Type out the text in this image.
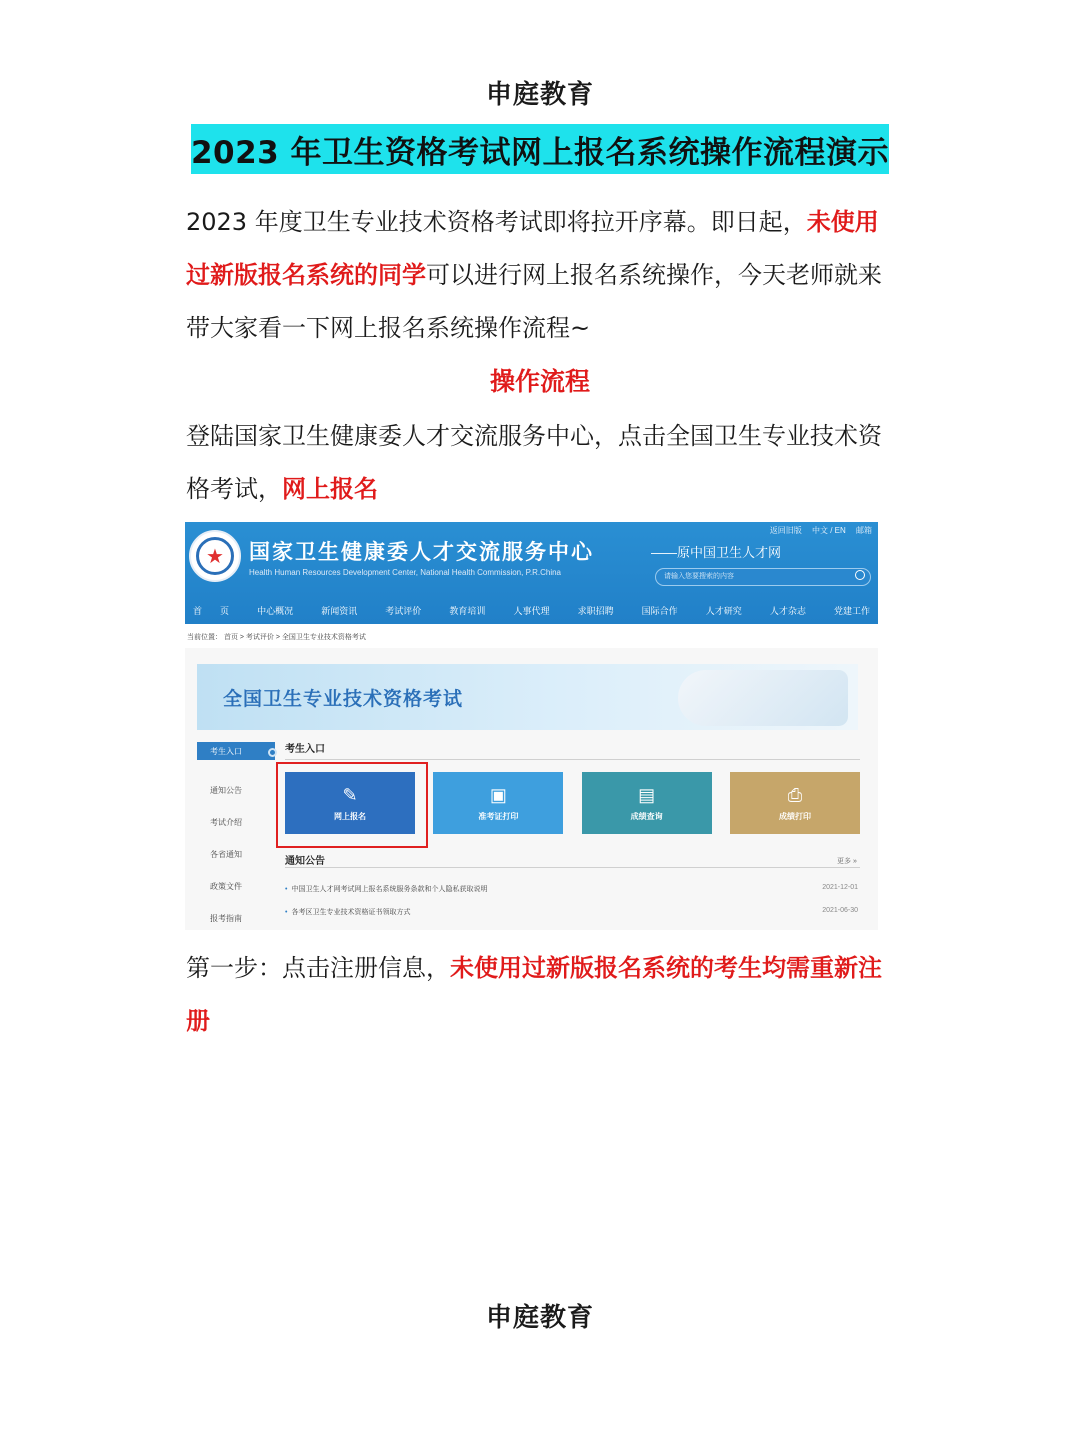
申庭教育
2023 年卫生资格考试网上报名系统操作流程演示
2023 年度卫生专业技术资格考试即将拉开序幕。即日起，未使用过新版报名系统的同学可以进行网上报名系统操作，今天老师就来带大家看一下网上报名系统操作流程~
操作流程
登陆国家卫生健康委人才交流服务中心，点击全国卫生专业技术资格考试，网上报名
★	国家卫生健康委人才交流服务中心
Health Human Resources Development Center, National Health Commission, P.R.China
——原中国卫生人才网
返回旧版 中文 / EN 邮箱
请输入您要搜索的内容
首　　页	中心概况	新闻资讯	考试评价	教育培训	人事代理	求职招聘	国际合作	人才研究	人才杂志	党建工作
当前位置： 首页 > 考试评价 > 全国卫生专业技术资格考试
全国卫生专业技术资格考试
考生入口
通知公告
考试介绍
各省通知
政策文件
报考指南
考生入口
✎
网上报名
▣
准考证打印
▤
成绩查询
⎙
成绩打印
通知公告	更多 »
• 中国卫生人才网考试网上报名系统服务条款和个人隐私获取说明	2021-12-01
• 各考区卫生专业技术资格证书领取方式	2021-06-30
第一步：点击注册信息，未使用过新版报名系统的考生均需重新注册
申庭教育
